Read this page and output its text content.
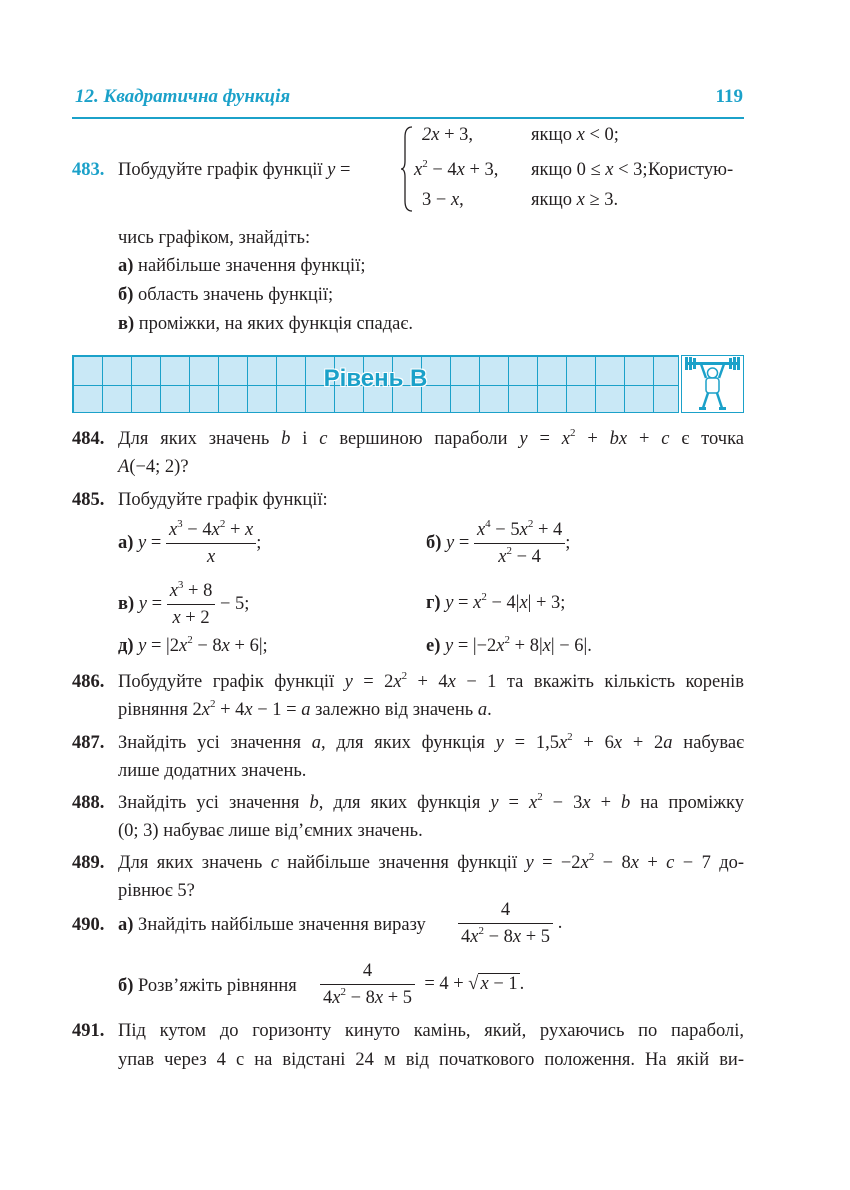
12. Квадратична функція	119
2x + 3,	якщо x < 0;
$x^2 - 4x + 3$, якщо 0 ≤ x < 3;
3 − x,	якщо x ≥ 3.
483. Побудуйте графік функції y =	Користую-
чись графіком, знайдіть:
а) найбільше значення функції;
б) область значень функції;
в) проміжки, на яких функція спадає.
Рівень В
484. Для яких значень b і c вершиною параболи $y = x^2$ + bx + c є точка
A(−4; 2)?
485. Побудуйте графік функції:
а) $y = \frac{x^3 - 4x^2 + x}{x}$ ;	б) $y = \frac{x^4 - 5x^2 + 4}{x^2 - 4}$ ;
в) $y = \frac{x^3 + 8}{x + 2} - 5$;	г) $y = x^2 - 4|x| + 3$;
д) $y = |2x^2 - 8x + 6|$;	е) $y = |-2x^2 + 8|x| - 6|$.
486. Побудуйте графік функції $y = 2x^2 + 4x - 1$ та вкажіть кількість коренів
рівняння $2x^2 + 4x - 1 = a$ залежно від значень a.
487. Знайдіть усі значення a, для яких функція $y = 1,5x^2 + 6x + 2a$ набуває
лише додатних значень.
488. Знайдіть усі значення b, для яких функція $y = x^2 - 3x + b$ на проміжку
(0; 3) набуває лише від’ємних значень.
489. Для яких значень c найбільше значення функції $y = -2x^2 - 8x + c - 7$ до-
рівнює 5?
490. а) Знайдіть найбільше значення виразу $\frac{4}{4x^2 - 8x + 5}$ .
б) Розв’яжіть рівняння $\frac{4}{4x^2 - 8x + 5} = 4$ + √ x − 1 .
491. Під кутом до горизонту кинуто камінь, який, рухаючись по параболі,
упав через 4 с на відстані 24 м від початкового положення. На якій ви-
